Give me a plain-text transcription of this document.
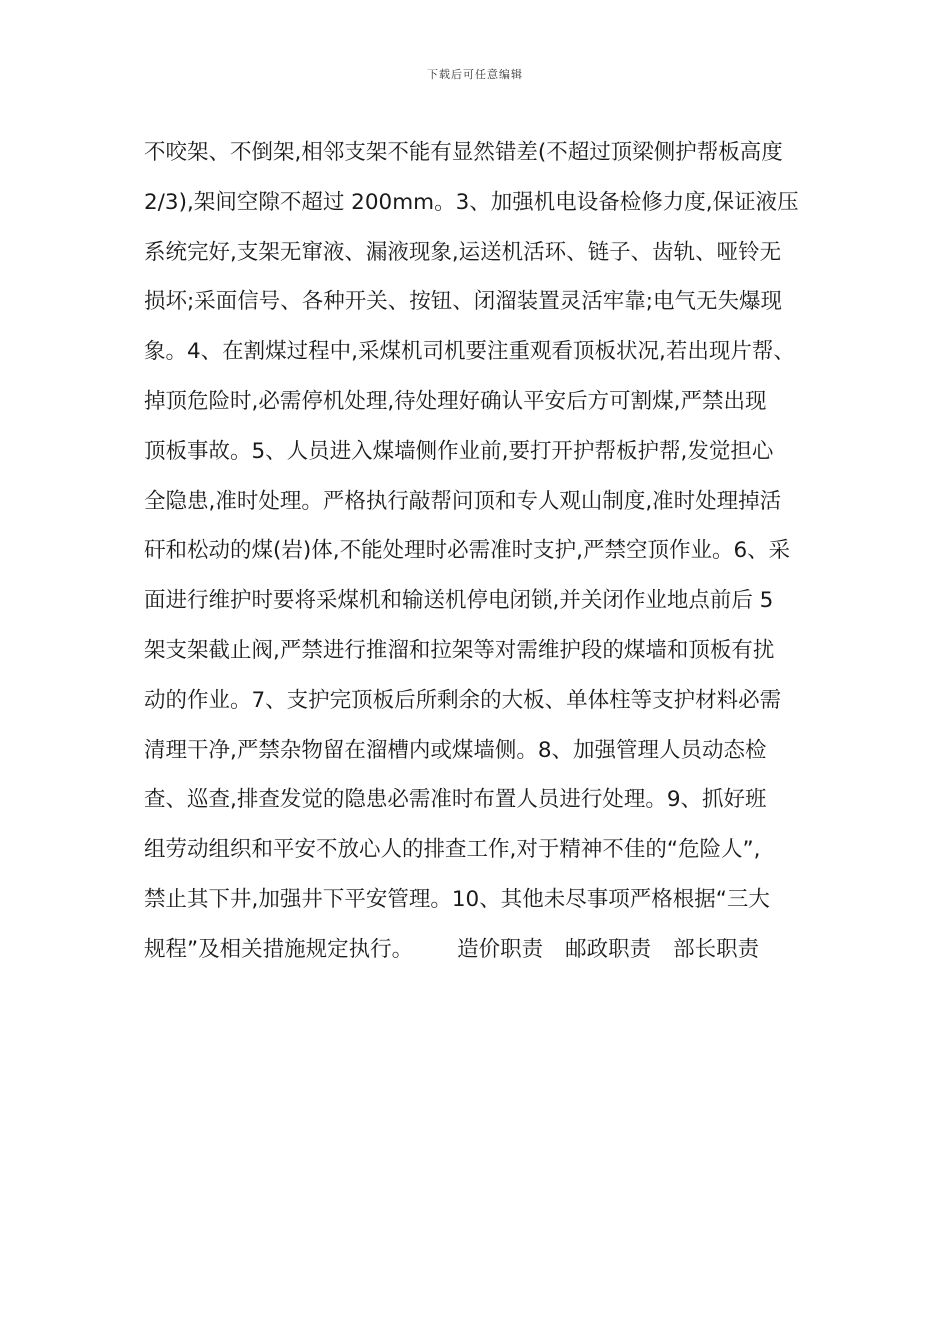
下载后可任意编辑
不咬架、不倒架,相邻支架不能有显然错差(不超过顶梁侧护帮板高度
2/3),架间空隙不超过 200mm。3、加强机电设备检修力度,保证液压
系统完好,支架无窜液、漏液现象,运送机活环、链子、齿轨、哑铃无
损坏;采面信号、各种开关、按钮、闭溜装置灵活牢靠;电气无失爆现
象。4、在割煤过程中,采煤机司机要注重观看顶板状况,若出现片帮、
掉顶危险时,必需停机处理,待处理好确认平安后方可割煤,严禁出现
顶板事故。5、人员进入煤墙侧作业前,要打开护帮板护帮,发觉担心
全隐患,准时处理。严格执行敲帮问顶和专人观山制度,准时处理掉活
矸和松动的煤(岩)体,不能处理时必需准时支护,严禁空顶作业。6、采
面进行维护时要将采煤机和输送机停电闭锁,并关闭作业地点前后 5
架支架截止阀,严禁进行推溜和拉架等对需维护段的煤墙和顶板有扰
动的作业。7、支护完顶板后所剩余的大板、单体柱等支护材料必需
清理干净,严禁杂物留在溜槽内或煤墙侧。8、加强管理人员动态检
查、巡查,排查发觉的隐患必需准时布置人员进行处理。9、抓好班
组劳动组织和平安不放心人的排查工作,对于精神不佳的“危险人”,
禁止其下井,加强井下平安管理。10、其他未尽事项严格根据“三大
规程”及相关措施规定执行。 造价职责 邮政职责 部长职责
